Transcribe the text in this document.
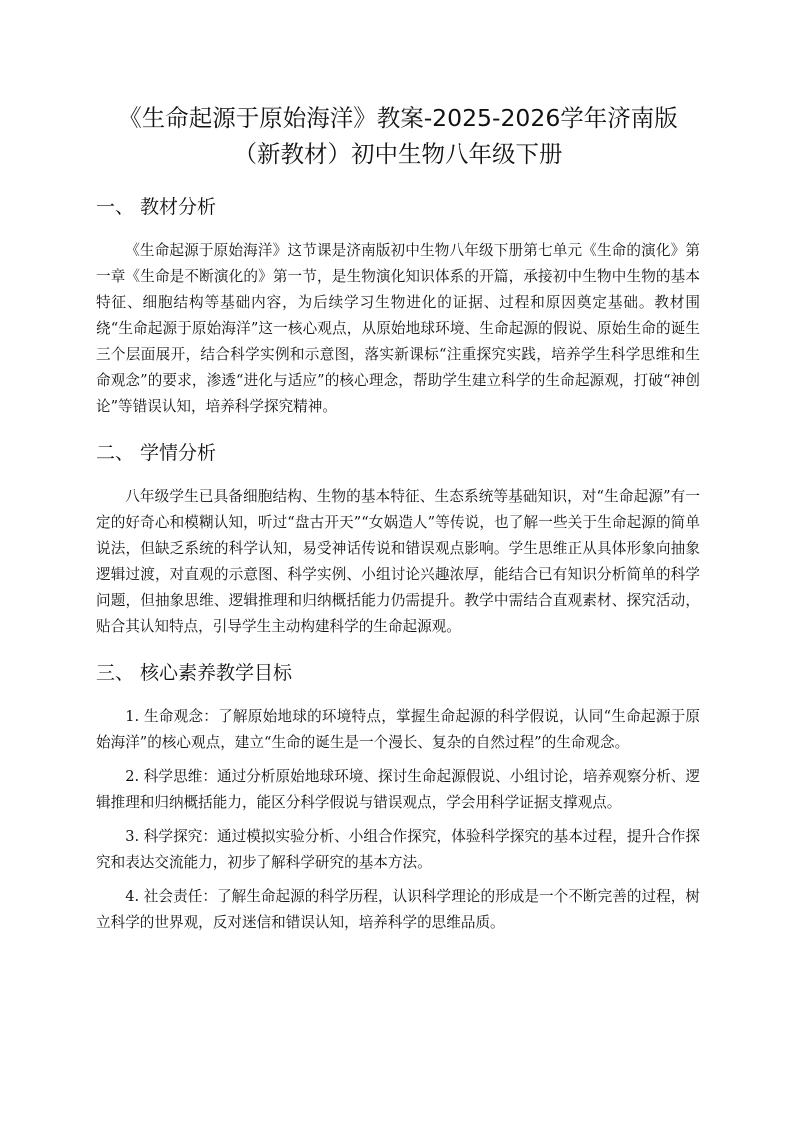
《生命起源于原始海洋》教案-2025-2026学年济南版（新教材）初中生物八年级下册
一、 教材分析

《生命起源于原始海洋》这节课是济南版初中生物八年级下册第七单元《生命的演化》第一章《生命是不断演化的》第一节，是生物演化知识体系的开篇，承接初中生物中生物的基本特征、细胞结构等基础内容，为后续学习生物进化的证据、过程和原因奠定基础。教材围绕“生命起源于原始海洋”这一核心观点，从原始地球环境、生命起源的假说、原始生命的诞生三个层面展开，结合科学实例和示意图，落实新课标“注重探究实践，培养学生科学思维和生命观念”的要求，渗透“进化与适应”的核心理念，帮助学生建立科学的生命起源观，打破“神创论”等错误认知，培养科学探究精神。

二、 学情分析

八年级学生已具备细胞结构、生物的基本特征、生态系统等基础知识，对“生命起源”有一定的好奇心和模糊认知，听过“盘古开天”“女娲造人”等传说，也了解一些关于生命起源的简单说法，但缺乏系统的科学认知，易受神话传说和错误观点影响。学生思维正从具体形象向抽象逻辑过渡，对直观的示意图、科学实例、小组讨论兴趣浓厚，能结合已有知识分析简单的科学问题，但抽象思维、逻辑推理和归纳概括能力仍需提升。教学中需结合直观素材、探究活动，贴合其认知特点，引导学生主动构建科学的生命起源观。

三、 核心素养教学目标

1. 生命观念：了解原始地球的环境特点，掌握生命起源的科学假说，认同“生命起源于原始海洋”的核心观点，建立“生命的诞生是一个漫长、复杂的自然过程”的生命观念。

2. 科学思维：通过分析原始地球环境、探讨生命起源假说、小组讨论，培养观察分析、逻辑推理和归纳概括能力，能区分科学假说与错误观点，学会用科学证据支撑观点。

3. 科学探究：通过模拟实验分析、小组合作探究，体验科学探究的基本过程，提升合作探究和表达交流能力，初步了解科学研究的基本方法。

4. 社会责任：了解生命起源的科学历程，认识科学理论的形成是一个不断完善的过程，树立科学的世界观，反对迷信和错误认知，培养科学的思维品质。
